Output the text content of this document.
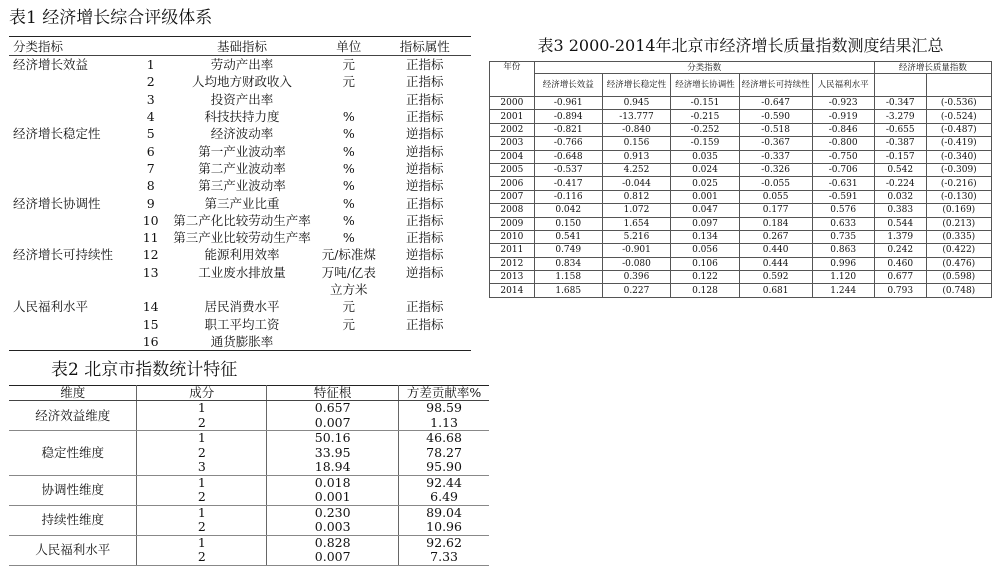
表1 经济增长综合评级体系
分类指标		基础指标	单位	指标属性
经济增长效益	1	劳动产出率	元	正指标
	2	人均地方财政收入	元	正指标
	3	投资产出率		正指标
	4	科技扶持力度	%	正指标
经济增长稳定性	5	经济波动率	%	逆指标
	6	第一产业波动率	%	逆指标
	7	第二产业波动率	%	逆指标
	8	第三产业波动率	%	逆指标
经济增长协调性	9	第三产业比重	%	正指标
	10	第二产化比较劳动生产率	%	正指标
	11	第三产业比较劳动生产率	%	正指标
经济增长可持续性	12	能源利用效率	元/标准煤	逆指标
	13	工业废水排放量	万吨/亿表	逆指标
			立方米	
人民福利水平	14	居民消费水平	元	正指标
	15	职工平均工资	元	正指标
	16	通货膨胀率		
表2 北京市指数统计特征
维度	成分	特征根	方差贡献率%
经济效益维度	1	0.657	98.59
	2	0.007	1.13
稳定性维度	1	50.16	46.68
	2	33.95	78.27
	3	18.94	95.90
协调性维度	1	0.018	92.44
	2	0.001	6.49
持续性维度	1	0.230	89.04
	2	0.003	10.96
人民福利水平	1	0.828	92.62
	2	0.007	7.33
表3 2000-2014年北京市经济增长质量指数测度结果汇总
年份	分类指数					经济增长质量指数	
	经济增长效益	经济增长稳定性	经济增长协调性	经济增长可持续性	人民福利水平		
2000	-0.961	0.945	-0.151	-0.647	-0.923	-0.347	(-0.536)
2001	-0.894	-13.777	-0.215	-0.590	-0.919	-3.279	(-0.524)
2002	-0.821	-0.840	-0.252	-0.518	-0.846	-0.655	(-0.487)
2003	-0.766	0.156	-0.159	-0.367	-0.800	-0.387	(-0.419)
2004	-0.648	0.913	0.035	-0.337	-0.750	-0.157	(-0.340)
2005	-0.537	4.252	0.024	-0.326	-0.706	0.542	(-0.309)
2006	-0.417	-0.044	0.025	-0.055	-0.631	-0.224	(-0.216)
2007	-0.116	0.812	0.001	0.055	-0.591	0.032	(-0.130)
2008	0.042	1.072	0.047	0.177	0.576	0.383	(0.169)
2009	0.150	1.654	0.097	0.184	0.633	0.544	(0.213)
2010	0.541	5.216	0.134	0.267	0.735	1.379	(0.335)
2011	0.749	-0.901	0.056	0.440	0.863	0.242	(0.422)
2012	0.834	-0.080	0.106	0.444	0.996	0.460	(0.476)
2013	1.158	0.396	0.122	0.592	1.120	0.677	(0.598)
2014	1.685	0.227	0.128	0.681	1.244	0.793	(0.748)
